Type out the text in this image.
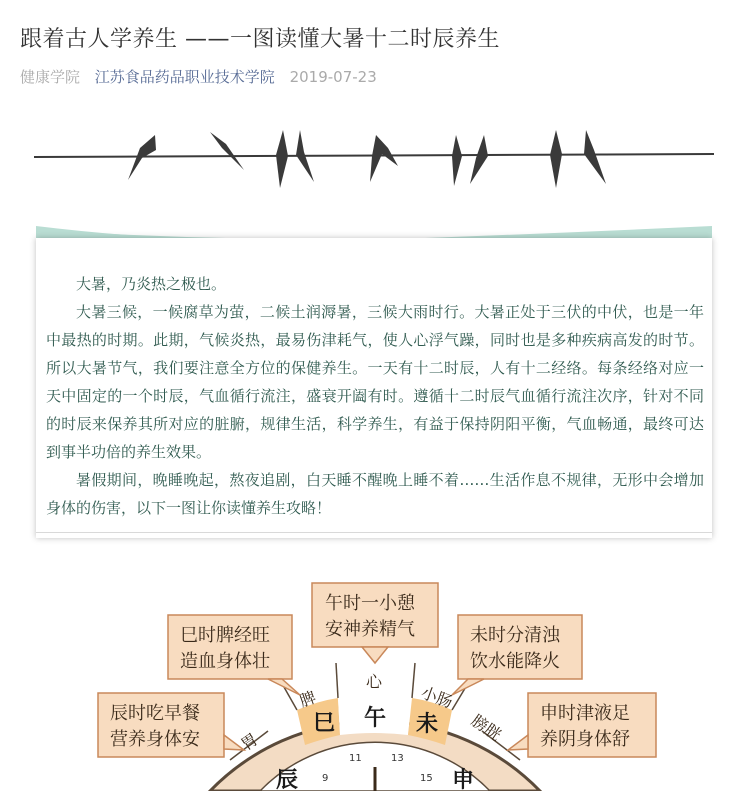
跟着古人学养生 ——一图读懂大暑十二时辰养生
健康学院 江苏食品药品职业技术学院 2019-07-23

大暑，乃炎热之极也。

大暑三候，一候腐草为萤，二候土润溽暑，三候大雨时行。大暑正处于三伏的中伏，也是一年中最热的时期。此期，气候炎热，最易伤津耗气，使人心浮气躁，同时也是多种疾病高发的时节。所以大暑节气，我们要注意全方位的保健养生。一天有十二时辰，人有十二经络。每条经络对应一天中固定的一个时辰，气血循行流注，盛衰开阖有时。遵循十二时辰气血循行流注次序，针对不同的时辰来保养其所对应的脏腑，规律生活，科学养生，有益于保持阴阳平衡，气血畅通，最终可达到事半功倍的养生效果。

暑假期间，晚睡晚起，熬夜追剧，白天睡不醒晚上睡不着……生活作息不规律，无形中会增加身体的伤害，以下一图让你读懂养生攻略！

脾
心
小肠
膀胱
胃
巳 午 未
辰	申
11	13
15
9
午时一小憩
安神养精气
巳时脾经旺
造血身体壮
未时分清浊
饮水能降火
辰时吃早餐
营养身体安
申时津液足
养阴身体舒
